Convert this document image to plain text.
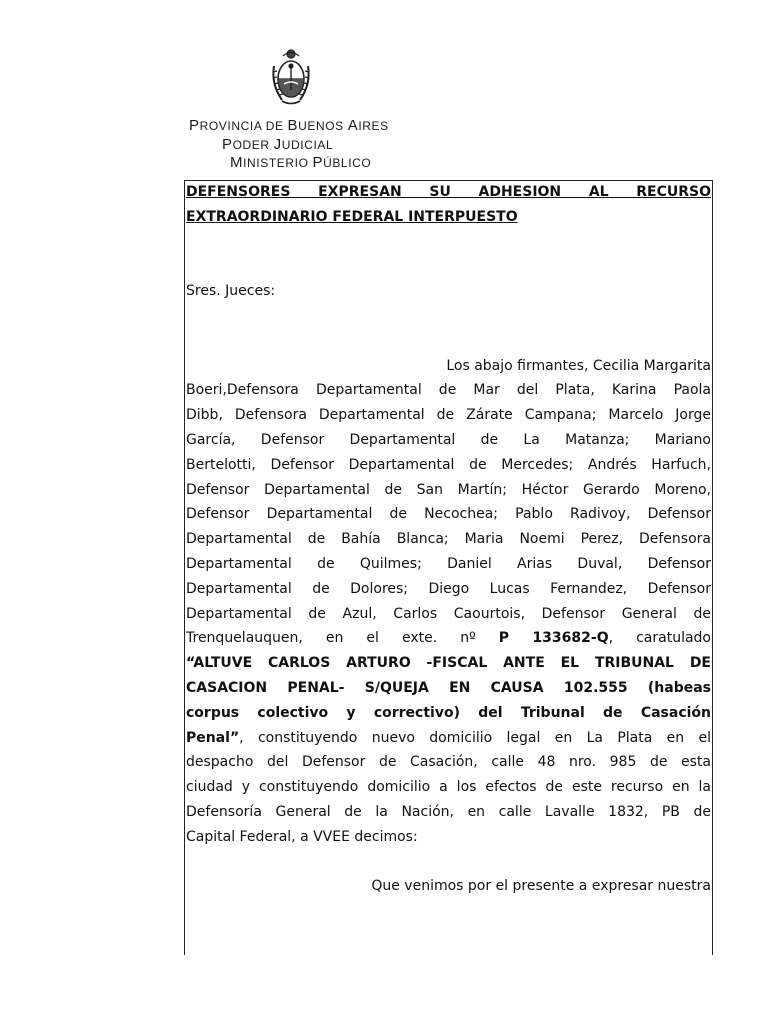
PROVINCIA DE BUENOS AIRES
PODER JUDICIAL
MINISTERIO PÚBLICO
DEFENSORES EXPRESAN SU ADHESION AL RECURSO
EXTRAORDINARIO FEDERAL INTERPUESTO
Sres. Jueces:
Los abajo firmantes, Cecilia Margarita
Boeri,Defensora Departamental de Mar del Plata, Karina Paola
Dibb, Defensora Departamental de Zárate Campana; Marcelo Jorge
García, Defensor Departamental de La Matanza; Mariano
Bertelotti, Defensor Departamental de Mercedes; Andrés Harfuch,
Defensor Departamental de San Martín; Héctor Gerardo Moreno,
Defensor Departamental de Necochea; Pablo Radivoy, Defensor
Departamental de Bahía Blanca; Maria Noemi Perez, Defensora
Departamental de Quilmes; Daniel Arias Duval, Defensor
Departamental de Dolores; Diego Lucas Fernandez, Defensor
Departamental de Azul, Carlos Caourtois, Defensor General de
Trenquelauquen, en el exte. nº P 133682-Q, caratulado
“ALTUVE CARLOS ARTURO -FISCAL ANTE EL TRIBUNAL DE
CASACION PENAL- S/QUEJA EN CAUSA 102.555 (habeas
corpus colectivo y correctivo) del Tribunal de Casación
Penal”, constituyendo nuevo domicilio legal en La Plata en el
despacho del Defensor de Casación, calle 48 nro. 985 de esta
ciudad y constituyendo domicilio a los efectos de este recurso en la
Defensoría General de la Nación, en calle Lavalle 1832, PB de
Capital Federal, a VVEE decimos:
Que venimos por el presente a expresar nuestra
